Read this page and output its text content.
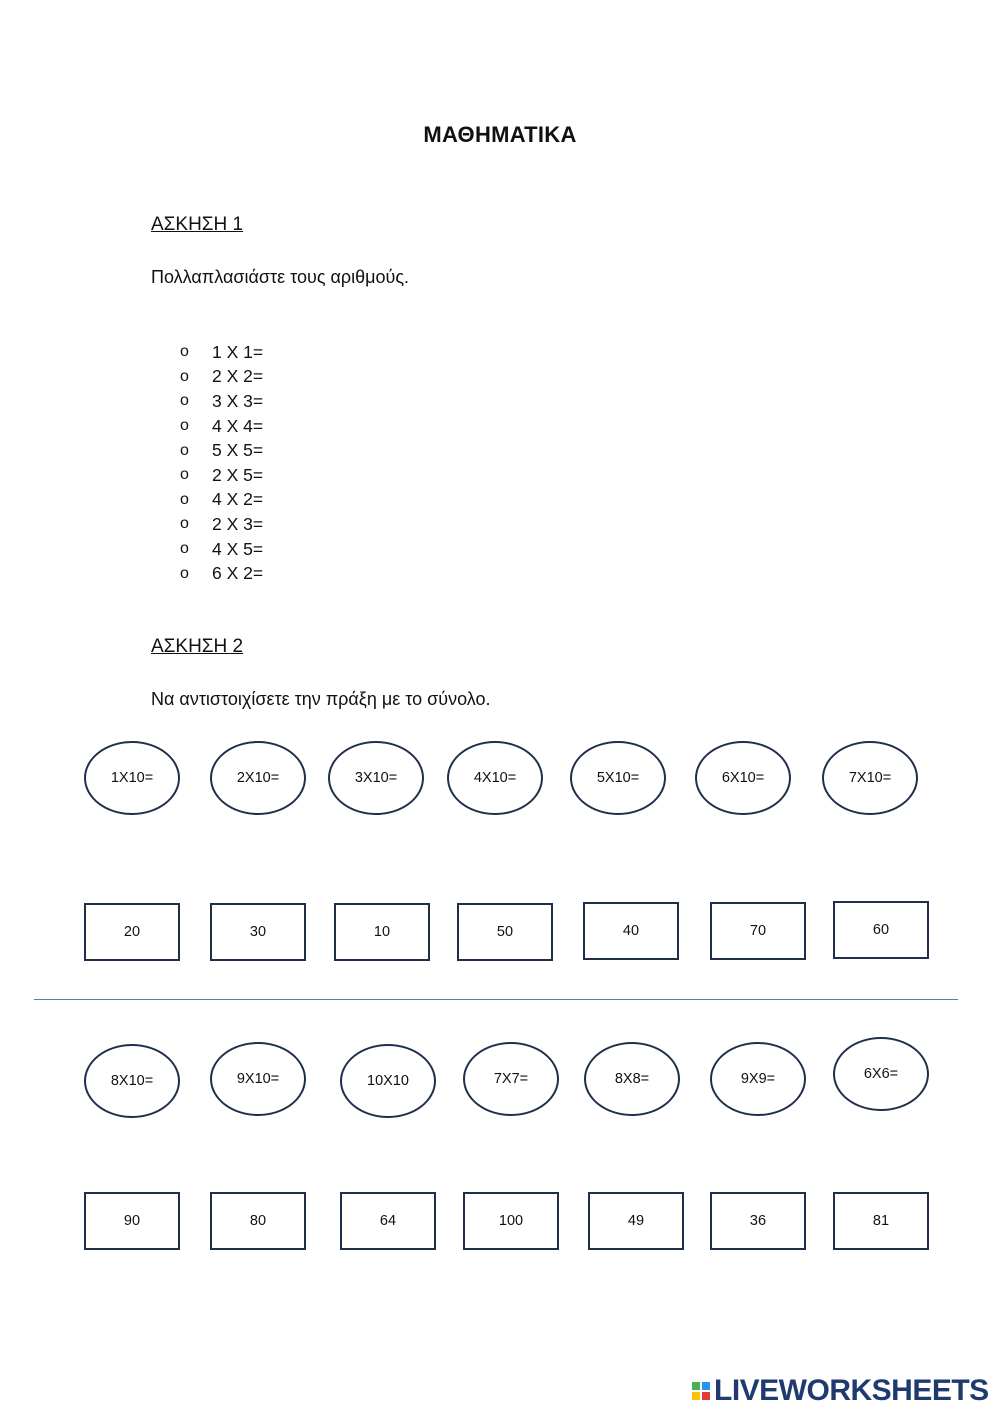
ΜΑΘΗΜΑΤΙΚΑ
ΑΣΚΗΣΗ 1
Πολλαπλασιάστε τους αριθμούς.
o	1 X 1=
o	2 X 2=
o	3 X 3=
o	4 X 4=
o	5 X 5=
o	2 X 5=
o	4 X 2=
o	2 X 3=
o	4 X 5=
o	6 X 2=
ΑΣΚΗΣΗ 2
Να αντιστοιχίσετε την πράξη με το σύνολο.
1X10=	2X10=	3X10=	4X10=	5X10=	6X10=	7X10=
20	30	10	50	40	70	60
8X10=	9X10=	10X10	7X7=	8X8=	9X9=	6X6=
90	80	64	100	49	36	81
LIVEWORKSHEETS
